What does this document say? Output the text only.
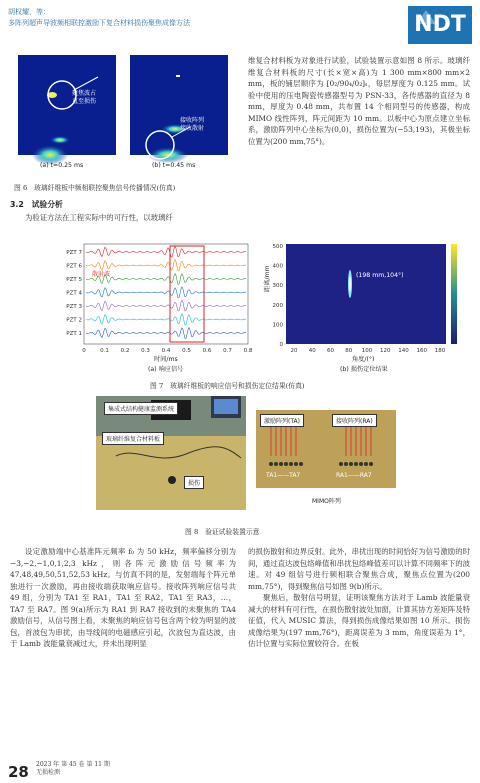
胡权耀，等：
多阵列超声导波频相联控激励下复合材料损伤聚焦成像方法	NDT
聚焦波占
直至损伤
接收阵列
接收散射
(a) t=0.25 ms	(b) t=0.45 ms
图 6　玻璃纤维板中频相联控聚焦信号传播情况(仿真)
3.2　试验分析

为验证方法在工程实际中的可行性，以玻璃纤

维复合材料板为对象进行试验，试验装置示意如图 8 所示。玻璃纤维复合材料板的尺寸(长×宽×高)为 1 300 mm×800 mm×2 mm，板的铺层顺序为 [0₂/90₄/0₂]ₛ，每层厚度为 0.125 mm。试验中使用的压电陶瓷传感器型号为 PSN-33，各传感器的直径为 8 mm，厚度为 0.48 mm，共布置 14 个相同型号的传感器，构成 MIMO 线性阵列，阵元间距为 10 mm。以板中心为原点建立坐标系，激励阵列中心坐标为(0,0)，损伤位置为(−53,193)，其极坐标位置为(200 mm,75°)。

PZT 7
PZT 6
PZT 5
PZT 4
PZT 3
PZT 2
PZT 1
0	0.1 0.2 0.3 0.4 0.5 0.6 0.7 0.8
500
400
300
200
100
0
20 40 60 80 100 120 140 160 180
散射波
时间/ms
(a) 响应信号
(198 mm,104°)
距离/mm
角度/(°)
(b) 损伤定位结果
图 7　玻璃纤维板的响应信号和损伤定位结果(仿真)
集成式结构健康监测系统
玻璃纤维复合材料板
损伤
激励阵列(TA)	接收阵列(RA)
TA1——TA7	RA1——RA7
MIMO阵列
图 8　验证试验装置示意

设定激励端中心基准阵元频率 f₀ 为 50 kHz，频率偏移分别为−3,−2,−1,0,1,2,3 kHz，则各阵元激励信号频率为 47,48,49,50,51,52,53 kHz。与仿真不同的是，发射端每个阵元单独进行一次激励，再由接收端获取响应信号。接收阵列响应信号共 49 组，分别为 TA1 至 RA1，TA1 至 RA2，TA1 至 RA3，…，TA7 至 RA7。图 9(a)所示为 RA1 到 RA7 接收到的未聚焦的 TA4 激励信号，从信号图上看，未聚焦的响应信号包含两个较为明显的波包，首波包为串扰，由导线间的电磁感应引起，次波包为直达波，由于 Lamb 波能量衰减过大，并未出现明显

的损伤散射和边界反射。此外，串扰出现的时间恰好为信号激励的时间，通过直达波包络峰值和串扰包络峰值差可以计算不同频率下的波速。对 49 组信号进行频相联合聚焦合成，聚焦点位置为(200 mm,75°)，得到聚焦信号如图 9(b)所示。

聚焦后，散射信号明显，证明该聚焦方法对于 Lamb 波能量衰减大的材料有可行性，在损伤散射波处加窗，计算其协方差矩阵及特征值，代入 MUSIC 算法，得到损伤成像结果如图 10 所示。损伤成像结果为(197 mm,76°)，距离误差为 3 mm，角度误差为 1°，估计位置与实际位置较符合。在板

28 2023 年 第 45 卷 第 11 期
无损检测
